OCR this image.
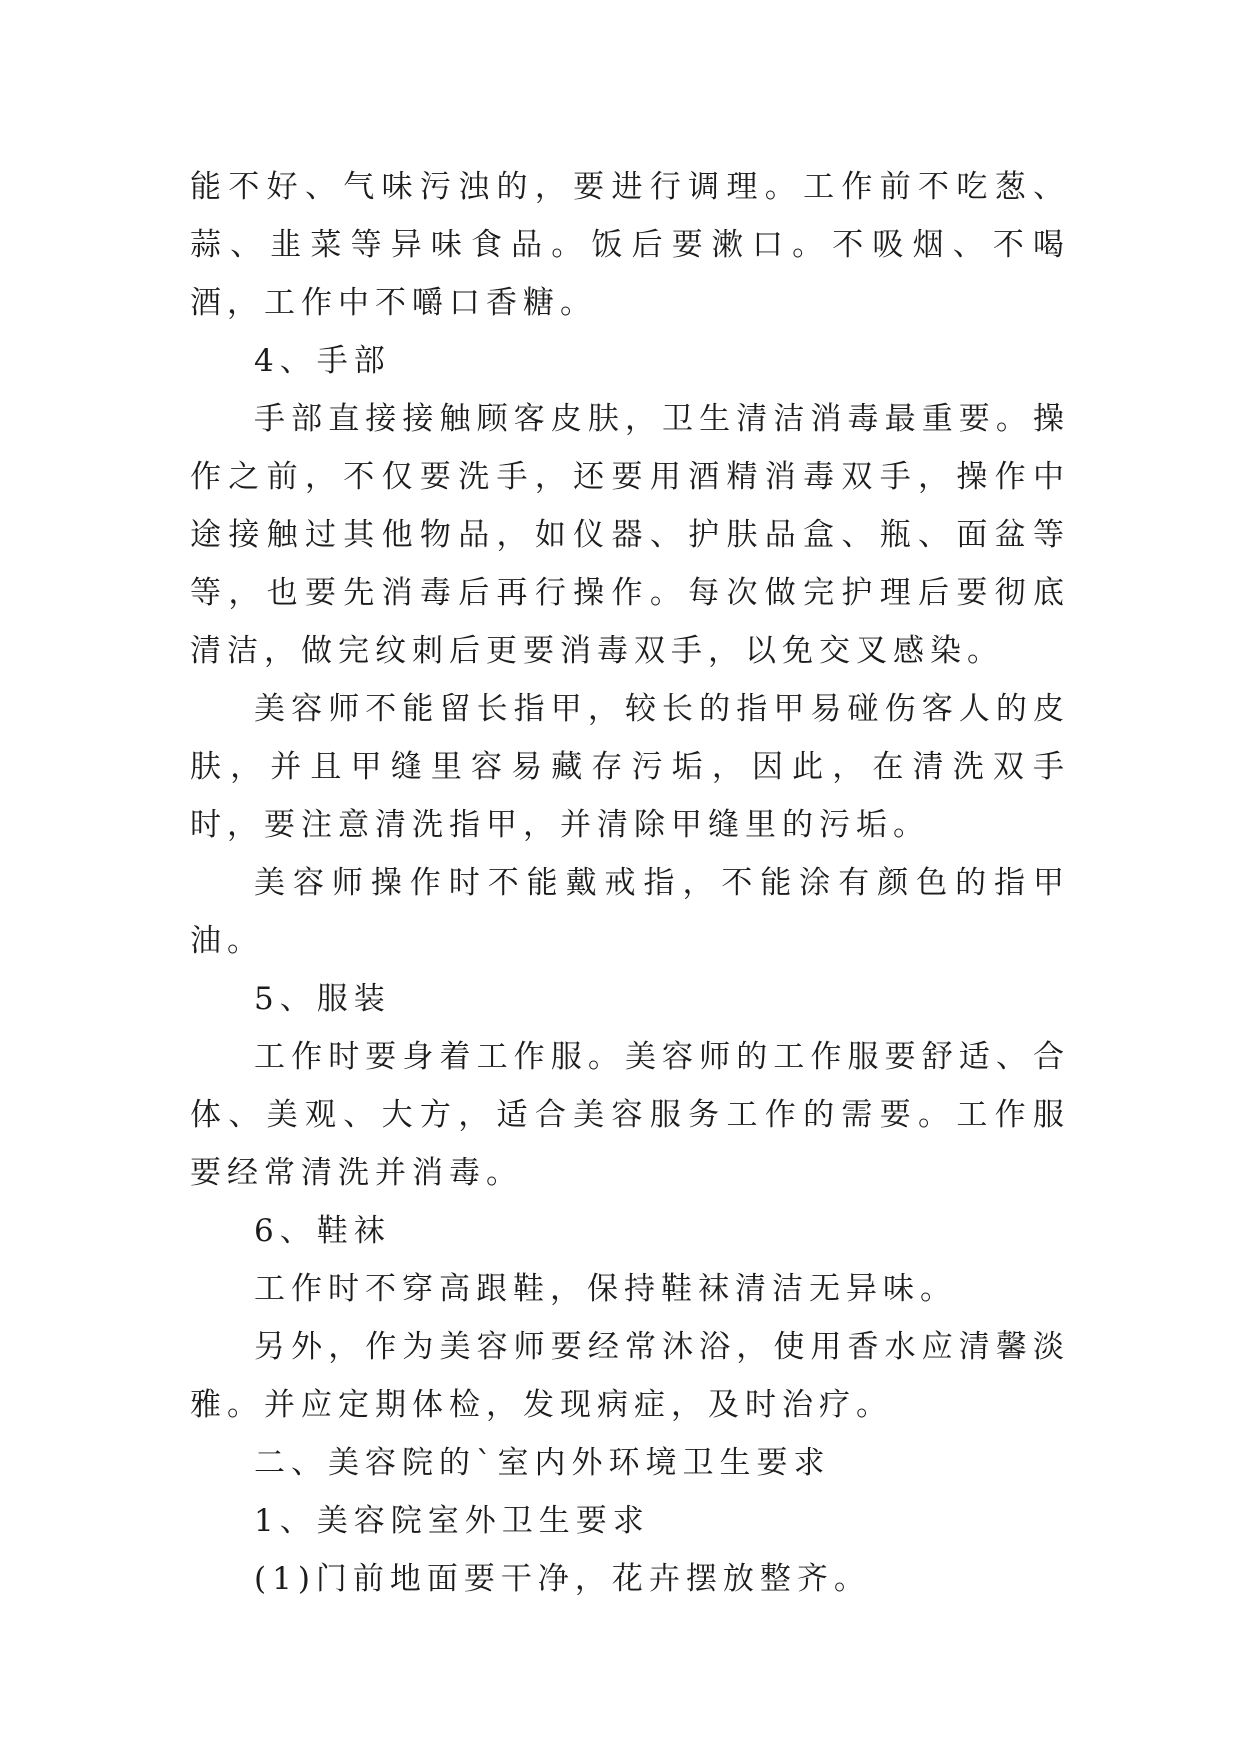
能不好、气味污浊的，要进行调理。工作前不吃葱、蒜、韭菜等异味食品。饭后要漱口。不吸烟、不喝酒，工作中不嚼口香糖。

4、手部

手部直接接触顾客皮肤，卫生清洁消毒最重要。操作之前，不仅要洗手，还要用酒精消毒双手，操作中途接触过其他物品，如仪器、护肤品盒、瓶、面盆等等，也要先消毒后再行操作。每次做完护理后要彻底清洁，做完纹刺后更要消毒双手，以免交叉感染。

美容师不能留长指甲，较长的指甲易碰伤客人的皮肤，并且甲缝里容易藏存污垢，因此，在清洗双手时，要注意清洗指甲，并清除甲缝里的污垢。

美容师操作时不能戴戒指，不能涂有颜色的指甲油。

5、服装

工作时要身着工作服。美容师的工作服要舒适、合体、美观、大方，适合美容服务工作的需要。工作服要经常清洗并消毒。

6、鞋袜

工作时不穿高跟鞋，保持鞋袜清洁无异味。

另外，作为美容师要经常沐浴，使用香水应清馨淡雅。并应定期体检，发现病症，及时治疗。

二、美容院的`室内外环境卫生要求

1、美容院室外卫生要求

(1)门前地面要干净，花卉摆放整齐。
